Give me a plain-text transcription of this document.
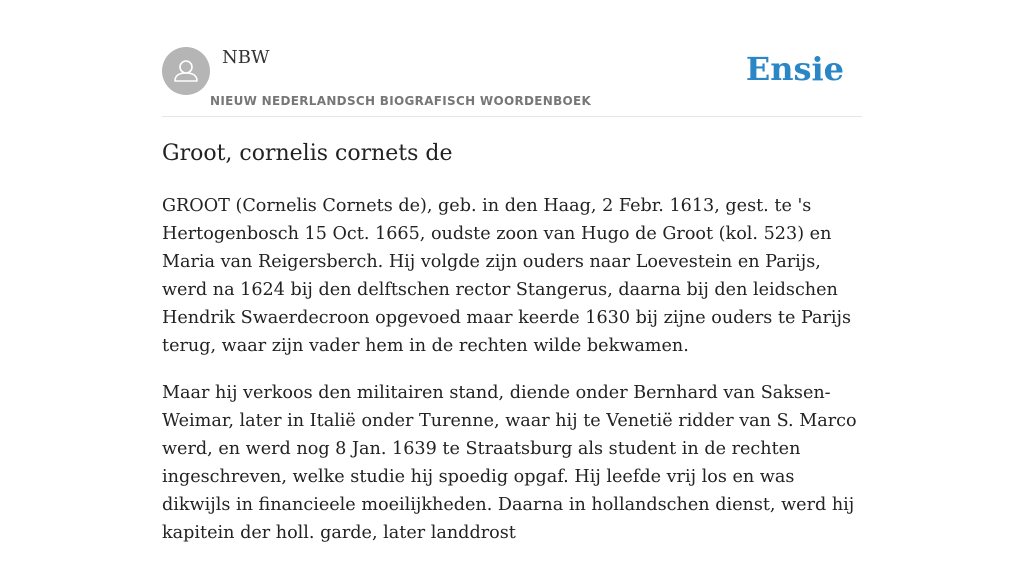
NBW
NIEUW NEDERLANDSCH BIOGRAFISCH WOORDENBOEK
Ensie
Groot, cornelis cornets de

GROOT (Cornelis Cornets de), geb. in den Haag, 2 Febr. 1613, gest. te 's Hertogenbosch 15 Oct. 1665, oudste zoon van Hugo de Groot (kol. 523) en Maria van Reigersberch. Hij volgde zijn ouders naar Loevestein en Parijs, werd na 1624 bij den delftschen rector Stangerus, daarna bij den leidschen Hendrik Swaerdecroon opgevoed maar keerde 1630 bij zijne ouders te Parijs terug, waar zijn vader hem in de rechten wilde bekwamen.

Maar hij verkoos den militairen stand, diende onder Bernhard van Saksen-Weimar, later in Italië onder Turenne, waar hij te Venetië ridder van S. Marco werd, en werd nog 8 Jan. 1639 te Straatsburg als student in de rechten ingeschreven, welke studie hij spoedig opgaf. Hij leefde vrij los en was dikwijls in financieele moeilijkheden. Daarna in hollandschen dienst, werd hij kapitein der holl. garde, later landdrost
